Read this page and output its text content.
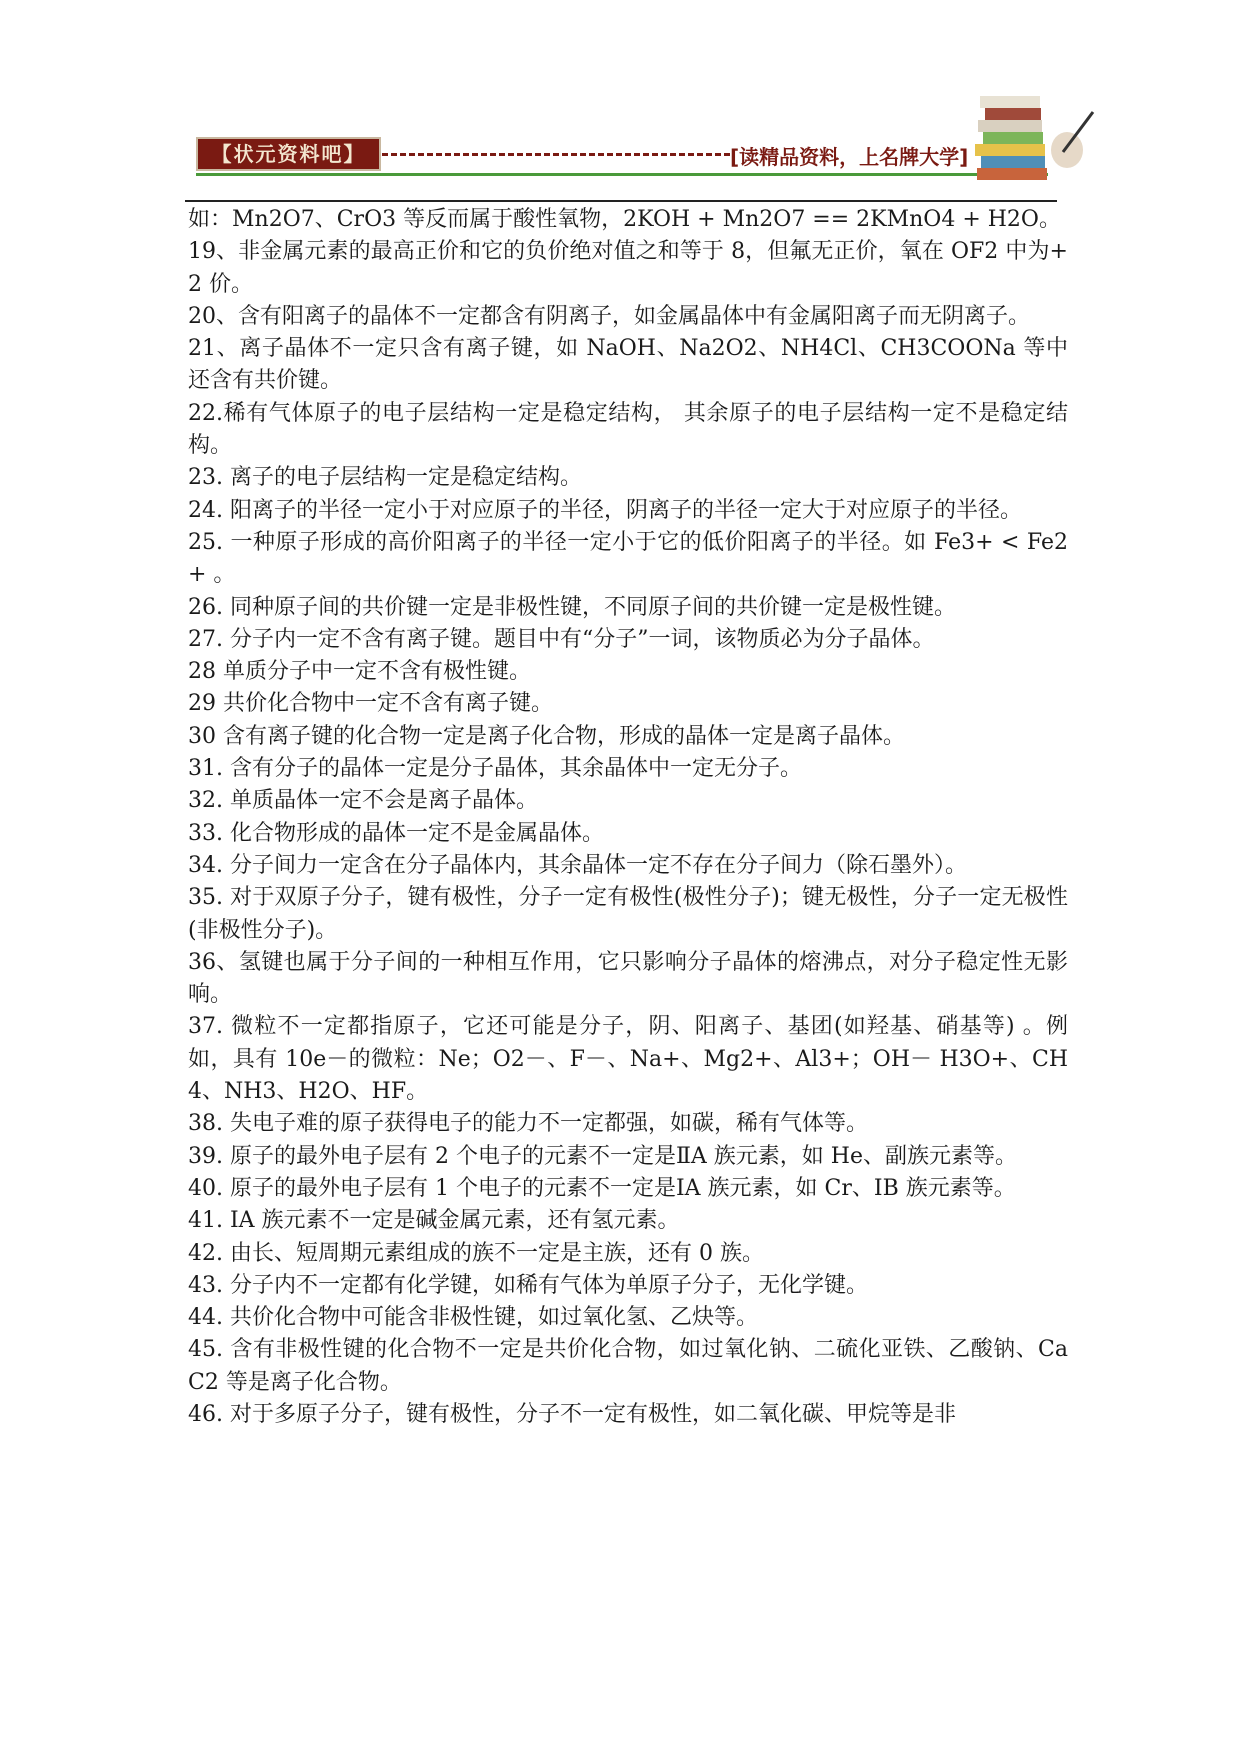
【状元资料吧】	[读精品资料，上名牌大学]

如：Mn2O7、CrO3 等反而属于酸性氧物，2KOH + Mn2O7 == 2KMnO4 + H2O。

19、非金属元素的最高正价和它的负价绝对值之和等于 8，但氟无正价，氧在 OF2 中为+2 价。

20、含有阳离子的晶体不一定都含有阴离子，如金属晶体中有金属阳离子而无阴离子。

21、离子晶体不一定只含有离子键，如 NaOH、Na2O2、NH4Cl、CH3COONa 等中还含有共价键。

22.稀有气体原子的电子层结构一定是稳定结构， 其余原子的电子层结构一定不是稳定结构。

23. 离子的电子层结构一定是稳定结构。

24. 阳离子的半径一定小于对应原子的半径，阴离子的半径一定大于对应原子的半径。

25. 一种原子形成的高价阳离子的半径一定小于它的低价阳离子的半径。如 Fe3+ < Fe2+ 。

26. 同种原子间的共价键一定是非极性键，不同原子间的共价键一定是极性键。

27. 分子内一定不含有离子键。题目中有“分子”一词，该物质必为分子晶体。

28 单质分子中一定不含有极性键。

29 共价化合物中一定不含有离子键。

30 含有离子键的化合物一定是离子化合物，形成的晶体一定是离子晶体。

31. 含有分子的晶体一定是分子晶体，其余晶体中一定无分子。

32. 单质晶体一定不会是离子晶体。

33. 化合物形成的晶体一定不是金属晶体。

34. 分子间力一定含在分子晶体内，其余晶体一定不存在分子间力（除石墨外）。

35. 对于双原子分子，键有极性，分子一定有极性(极性分子)；键无极性，分子一定无极性(非极性分子)。

36、氢键也属于分子间的一种相互作用，它只影响分子晶体的熔沸点，对分子稳定性无影响。

37. 微粒不一定都指原子，它还可能是分子，阴、阳离子、基团(如羟基、硝基等) 。例如，具有 10e－的微粒：Ne；O2－、F－、Na+、Mg2+、Al3+；OH－ H3O+、CH4、NH3、H2O、HF。

38. 失电子难的原子获得电子的能力不一定都强，如碳，稀有气体等。

39. 原子的最外电子层有 2 个电子的元素不一定是ⅡA 族元素，如 He、副族元素等。

40. 原子的最外电子层有 1 个电子的元素不一定是ⅠA 族元素，如 Cr、ⅠB 族元素等。

41. ⅠA 族元素不一定是碱金属元素，还有氢元素。

42. 由长、短周期元素组成的族不一定是主族，还有 0 族。

43. 分子内不一定都有化学键，如稀有气体为单原子分子，无化学键。

44. 共价化合物中可能含非极性键，如过氧化氢、乙炔等。

45. 含有非极性键的化合物不一定是共价化合物，如过氧化钠、二硫化亚铁、乙酸钠、CaC2 等是离子化合物。

46. 对于多原子分子，键有极性，分子不一定有极性，如二氧化碳、甲烷等是非
